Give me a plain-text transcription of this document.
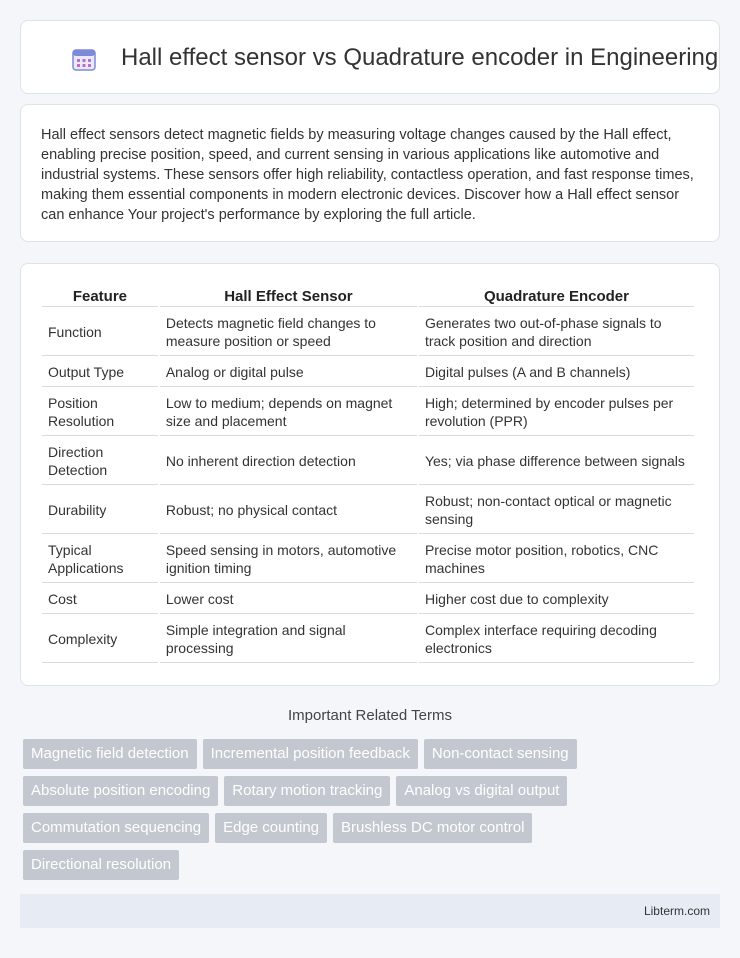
Hall effect sensor vs Quadrature encoder in Engineering

Hall effect sensors detect magnetic fields by measuring voltage changes caused by the Hall effect, enabling precise position, speed, and current sensing in various applications like automotive and industrial systems. These sensors offer high reliability, contactless operation, and fast response times, making them essential components in modern electronic devices. Discover how a Hall effect sensor can enhance Your project's performance by exploring the full article.

Feature	Hall Effect Sensor	Quadrature Encoder
Function	Detects magnetic field changes to measure position or speed	Generates two out-of-phase signals to track position and direction
Output Type	Analog or digital pulse	Digital pulses (A and B channels)
Position Resolution	Low to medium; depends on magnet size and placement	High; determined by encoder pulses per revolution (PPR)
Direction Detection	No inherent direction detection	Yes; via phase difference between signals
Durability	Robust; no physical contact	Robust; non-contact optical or magnetic sensing
Typical Applications	Speed sensing in motors, automotive ignition timing	Precise motor position, robotics, CNC machines
Cost	Lower cost	Higher cost due to complexity
Complexity	Simple integration and signal processing	Complex interface requiring decoding electronics
Important Related Terms
Magnetic field detection	Incremental position feedback	Non-contact sensing
Absolute position encoding	Rotary motion tracking	Analog vs digital output
Commutation sequencing	Edge counting	Brushless DC motor control
Directional resolution
Libterm.com
